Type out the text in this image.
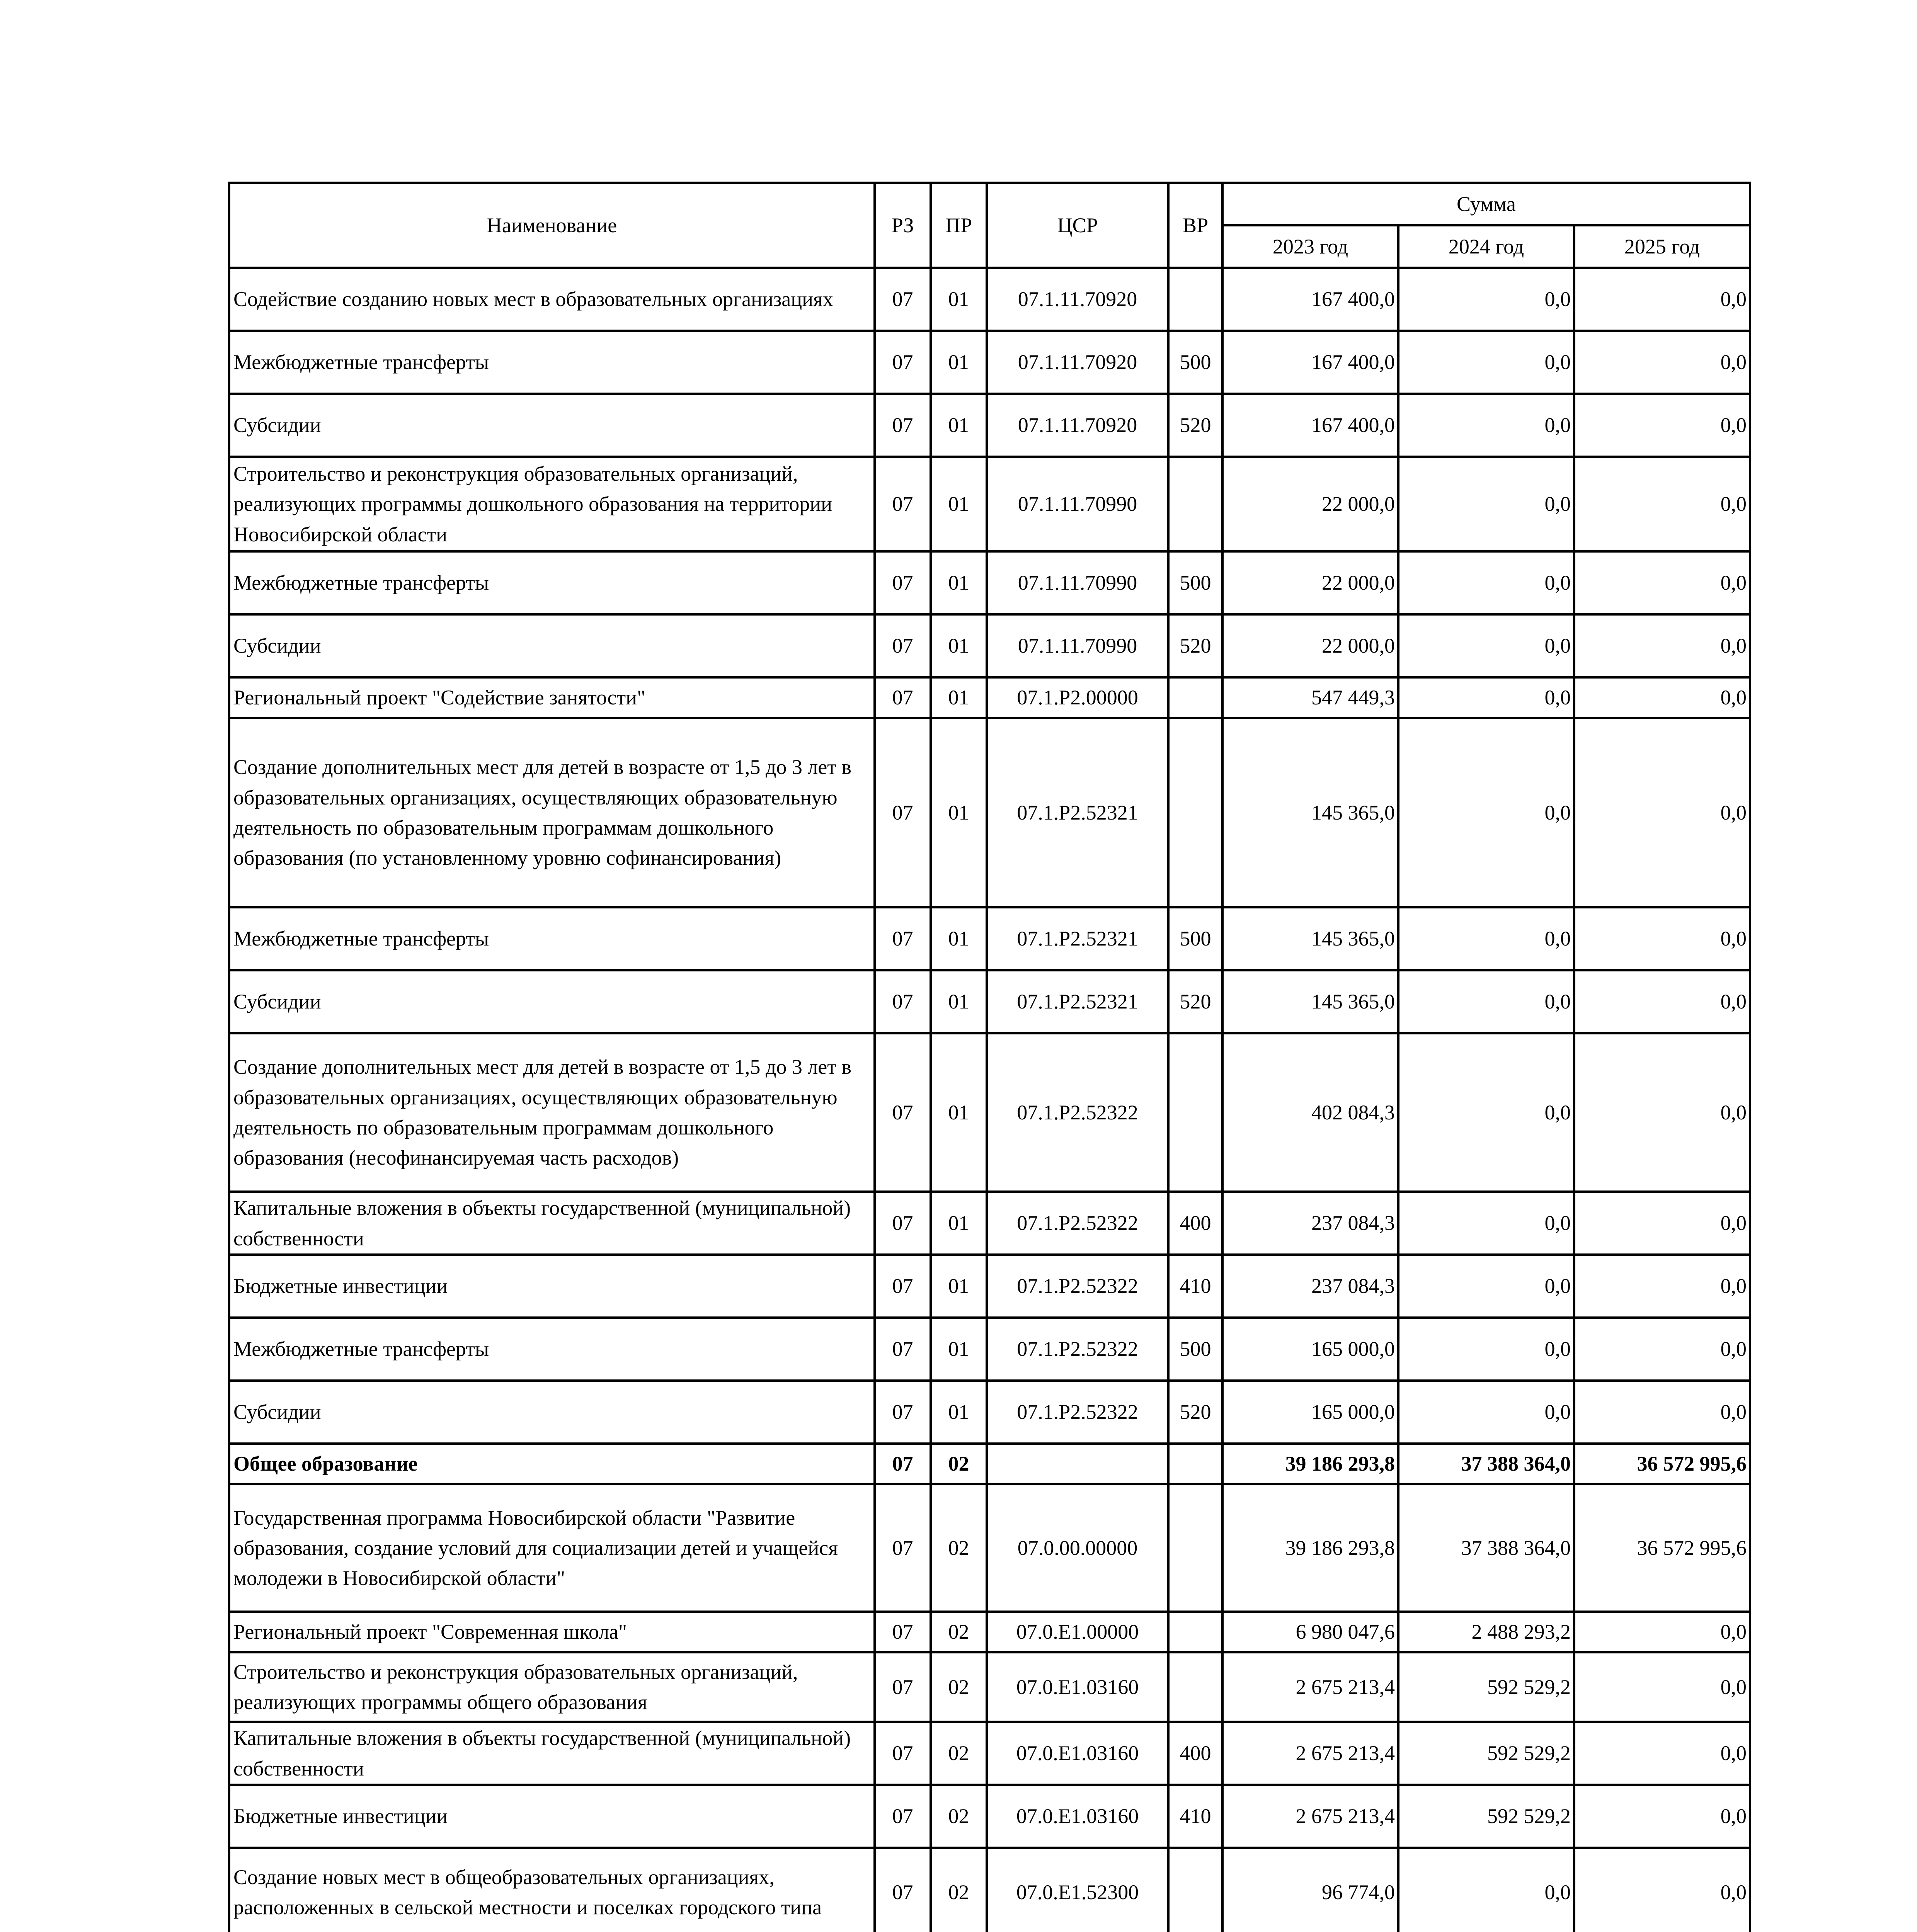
Наименование	РЗ	ПР	ЦСР	ВР	Сумма		
					2023 год	2024 год	2025 год
Содействие созданию новых мест в образовательных организациях	07	01	07.1.11.70920		167 400,0	0,0	0,0
Межбюджетные трансферты	07	01	07.1.11.70920	500	167 400,0	0,0	0,0
Субсидии	07	01	07.1.11.70920	520	167 400,0	0,0	0,0
Строительство и реконструкция образовательных организаций, реализующих программы дошкольного образования на территории Новосибирской области	07	01	07.1.11.70990		22 000,0	0,0	0,0
Межбюджетные трансферты	07	01	07.1.11.70990	500	22 000,0	0,0	0,0
Субсидии	07	01	07.1.11.70990	520	22 000,0	0,0	0,0
Региональный проект "Содействие занятости"	07	01	07.1.P2.00000		547 449,3	0,0	0,0
Создание дополнительных мест для детей в возрасте от 1,5 до 3 лет в образовательных организациях, осуществляющих образовательную деятельность по образовательным программам дошкольного образования (по установленному уровню софинансирования)	07	01	07.1.P2.52321		145 365,0	0,0	0,0
Межбюджетные трансферты	07	01	07.1.P2.52321	500	145 365,0	0,0	0,0
Субсидии	07	01	07.1.P2.52321	520	145 365,0	0,0	0,0
Создание дополнительных мест для детей в возрасте от 1,5 до 3 лет в образовательных организациях, осуществляющих образовательную деятельность по образовательным программам дошкольного образования (несофинансируемая часть расходов)	07	01	07.1.P2.52322		402 084,3	0,0	0,0
Капитальные вложения в объекты государственной (муниципальной) собственности	07	01	07.1.P2.52322	400	237 084,3	0,0	0,0
Бюджетные инвестиции	07	01	07.1.P2.52322	410	237 084,3	0,0	0,0
Межбюджетные трансферты	07	01	07.1.P2.52322	500	165 000,0	0,0	0,0
Субсидии	07	01	07.1.P2.52322	520	165 000,0	0,0	0,0
Общее образование	07	02			39 186 293,8	37 388 364,0	36 572 995,6
Государственная программа Новосибирской области "Развитие образования, создание условий для социализации детей и учащейся молодежи в Новосибирской области"	07	02	07.0.00.00000		39 186 293,8	37 388 364,0	36 572 995,6
Региональный проект "Современная школа"	07	02	07.0.E1.00000		6 980 047,6	2 488 293,2	0,0
Строительство и реконструкция образовательных организаций, реализующих программы общего образования	07	02	07.0.E1.03160		2 675 213,4	592 529,2	0,0
Капитальные вложения в объекты государственной (муниципальной) собственности	07	02	07.0.E1.03160	400	2 675 213,4	592 529,2	0,0
Бюджетные инвестиции	07	02	07.0.E1.03160	410	2 675 213,4	592 529,2	0,0
Создание новых мест в общеобразовательных организациях, расположенных в сельской местности и поселках городского типа	07	02	07.0.E1.52300		96 774,0	0,0	0,0
